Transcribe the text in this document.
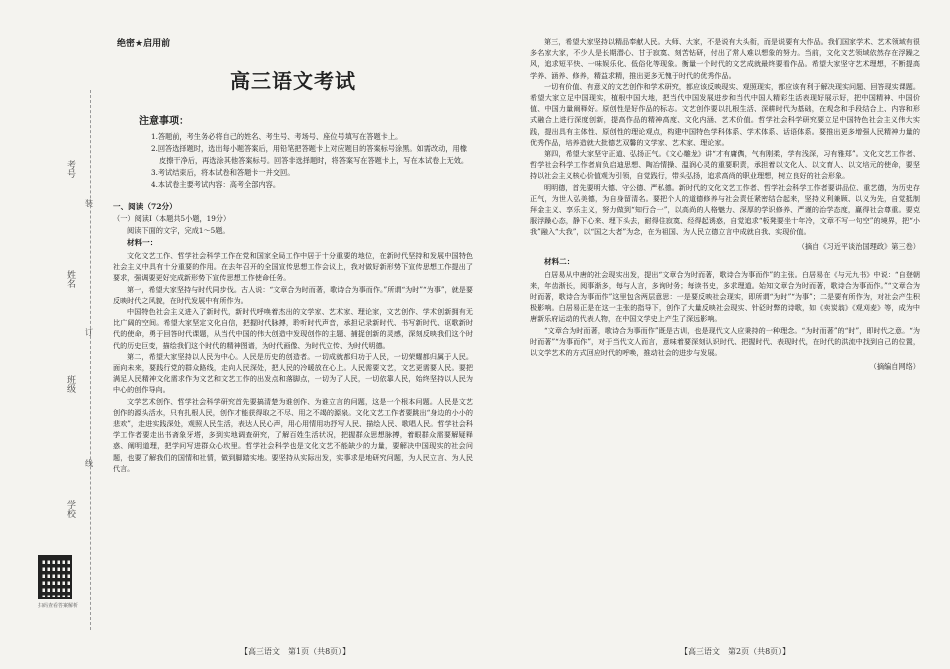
考号
姓名
班级
学校
装
订
线
扫码查看答案解析
绝密★启用前
高三语文考试
注意事项：
1.答题前，考生务必将自己的姓名、考生号、考场号、座位号填写在答题卡上。
2.回答选择题时，选出每小题答案后，用铅笔把答题卡上对应题目的答案标号涂黑。如需改动，用橡皮擦干净后，再选涂其他答案标号。回答非选择题时，将答案写在答题卡上，写在本试卷上无效。
3.考试结束后，将本试卷和答题卡一并交回。
4.本试卷主要考试内容：高考全部内容。
一、阅读（72分）
（一）阅读Ⅰ（本题共5小题，19分）
阅读下面的文字，完成1～5题。
材料一：

文化文艺工作、哲学社会科学工作在党和国家全局工作中居于十分重要的地位，在新时代坚持和发展中国特色社会主义中具有十分重要的作用。在去年召开的全国宣传思想工作会议上，我对做好新形势下宣传思想工作提出了要求，强调要更好完成新形势下宣传思想工作使命任务。

第一，希望大家坚持与时代同步伐。古人说：“文章合为时而著，歌诗合为事而作。”所谓“为时”“为事”，就是要反映时代之风貌，在时代发展中有所作为。

中国特色社会主义进入了新时代，新时代呼唤着杰出的文学家、艺术家、理论家，文艺创作、学术创新拥有无比广阔的空间。希望大家坚定文化自信，把握时代脉搏，聆听时代声音，承担记录新时代、书写新时代、讴歌新时代的使命，勇于回答时代课题，从当代中国的伟大创造中发现创作的主题、捕捉创新的灵感，深刻反映我们这个时代的历史巨变，描绘我们这个时代的精神图谱，为时代画像、为时代立传、为时代明德。

第二，希望大家坚持以人民为中心。人民是历史的创造者。一切成就都归功于人民，一切荣耀都归属于人民。面向未来，要践行党的群众路线，走向人民深处，把人民的冷暖放在心上。人民需要文艺，文艺更需要人民。要把满足人民精神文化需求作为文艺和文艺工作的出发点和落脚点，一切为了人民，一切依靠人民，始终坚持以人民为中心的创作导向。

文学艺术创作、哲学社会科学研究首先要搞清楚为谁创作、为谁立言的问题，这是一个根本问题。人民是文艺创作的源头活水，只有扎根人民，创作才能获得取之不尽、用之不竭的源泉。文化文艺工作者要跳出“身边的小小的悲欢”，走进实践深处，观照人民生活，表达人民心声，用心用情用功抒写人民、描绘人民、歌唱人民。哲学社会科学工作者要走出书斋象牙塔，多到实地调查研究，了解百姓生活状况，把握群众思想脉搏，着眼群众需要解疑释惑、阐明道理，把学问写进群众心坎里。哲学社会科学也是文化文艺不能缺少的力量，要解决中国现实的社会问题，也要了解我们的国情和社情，做到脚踏实地。要坚持从实际出发，实事求是地研究问题，为人民立言、为人民代言。

第三，希望大家坚持以精品奉献人民。大师、大家，不是说有大头衔，而是说要有大作品。我们国家学术、艺术领域有很多名家大家，不少人是长期潜心、甘于寂寞、刻苦钻研，付出了常人难以想象的努力。当前，文化文艺领域依然存在浮躁之风，追求短平快、一味娱乐化、低俗化等现象。衡量一个时代的文艺成就最终要看作品。希望大家坚守艺术理想，不断提高学养、涵养、修养，精益求精，推出更多无愧于时代的优秀作品。

一切有价值、有意义的文艺创作和学术研究，都应该反映现实、观照现实，都应该有利于解决现实问题、回答现实课题。希望大家立足中国现实，植根中国大地，把当代中国发展进步和当代中国人精彩生活表现好展示好，把中国精神、中国价值、中国力量阐释好。原创性是好作品的标志。文艺创作要以扎根生活、深耕时代为基础，在观念和手段结合上、内容和形式融合上进行深度创新，提高作品的精神高度、文化内涵、艺术价值。哲学社会科学研究要立足中国特色社会主义伟大实践，提出具有主体性、原创性的理论观点，构建中国特色学科体系、学术体系、话语体系。要推出更多增强人民精神力量的优秀作品，培养造就大批德艺双馨的文学家、艺术家、理论家。

第四，希望大家坚守正道、弘扬正气。《文心雕龙》讲“才有庸儁，气有刚柔，学有浅深，习有雅郑”。文化文艺工作者、哲学社会科学工作者肩负启迪思想、陶冶情操、温润心灵的重要职责，承担着以文化人、以文育人、以文培元的使命，要坚持以社会主义核心价值观为引领，自觉践行，带头弘扬，追求高尚的职业理想，树立良好的社会形象。

明明德，首先要明大德、守公德、严私德。新时代的文化文艺工作者、哲学社会科学工作者要讲品位、重艺德，为历史存正气，为世人弘美德，为自身留清名。要把个人的道德修养与社会责任紧密结合起来，坚持义利兼顾、以义为先，自觉抵制拜金主义、享乐主义，努力做到“知行合一”，以高尚的人格魅力、深厚的学识修养、严谨的治学态度，赢得社会尊重。要克服浮躁心态，静下心来、埋下头去，耐得住寂寞、经得起诱惑，自觉追求“板凳要坐十年冷，文章不写一句空”的境界，把“小我”融入“大我”，以“国之大者”为念，在为祖国、为人民立德立言中成就自我、实现价值。

（摘自《习近平谈治国理政》第三卷）
材料二：

白居易从中唐的社会现实出发，提出“文章合为时而著，歌诗合为事而作”的主张。白居易在《与元九书》中说：“自登朝来，年齿渐长，阅事渐多，每与人言，多询时务；每读书史，多求理道。始知文章合为时而著，歌诗合为事而作。”“文章合为时而著，歌诗合为事而作”这里包含两层意思：一是要反映社会现实，即所谓“为时”“为事”；二是要有所作为，对社会产生积极影响。白居易正是在这一主张的指导下，创作了大量反映社会现实、针砭时弊的诗歌，如《卖炭翁》《观刈麦》等，成为中唐新乐府运动的代表人物，在中国文学史上产生了深远影响。

“文章合为时而著，歌诗合为事而作”既是古训，也是现代文人应秉持的一种理念。“为时而著”的“时”，即时代之意。“为时而著”“为事而作”，对于当代文人而言，意味着要深刻认识时代、把握时代、表现时代，在时代的洪流中找到自己的位置，以文学艺术的方式回应时代的呼唤，推动社会的进步与发展。

（摘编自网络）
【高三语文　第1页（共8页）】	【高三语文　第2页（共8页）】
